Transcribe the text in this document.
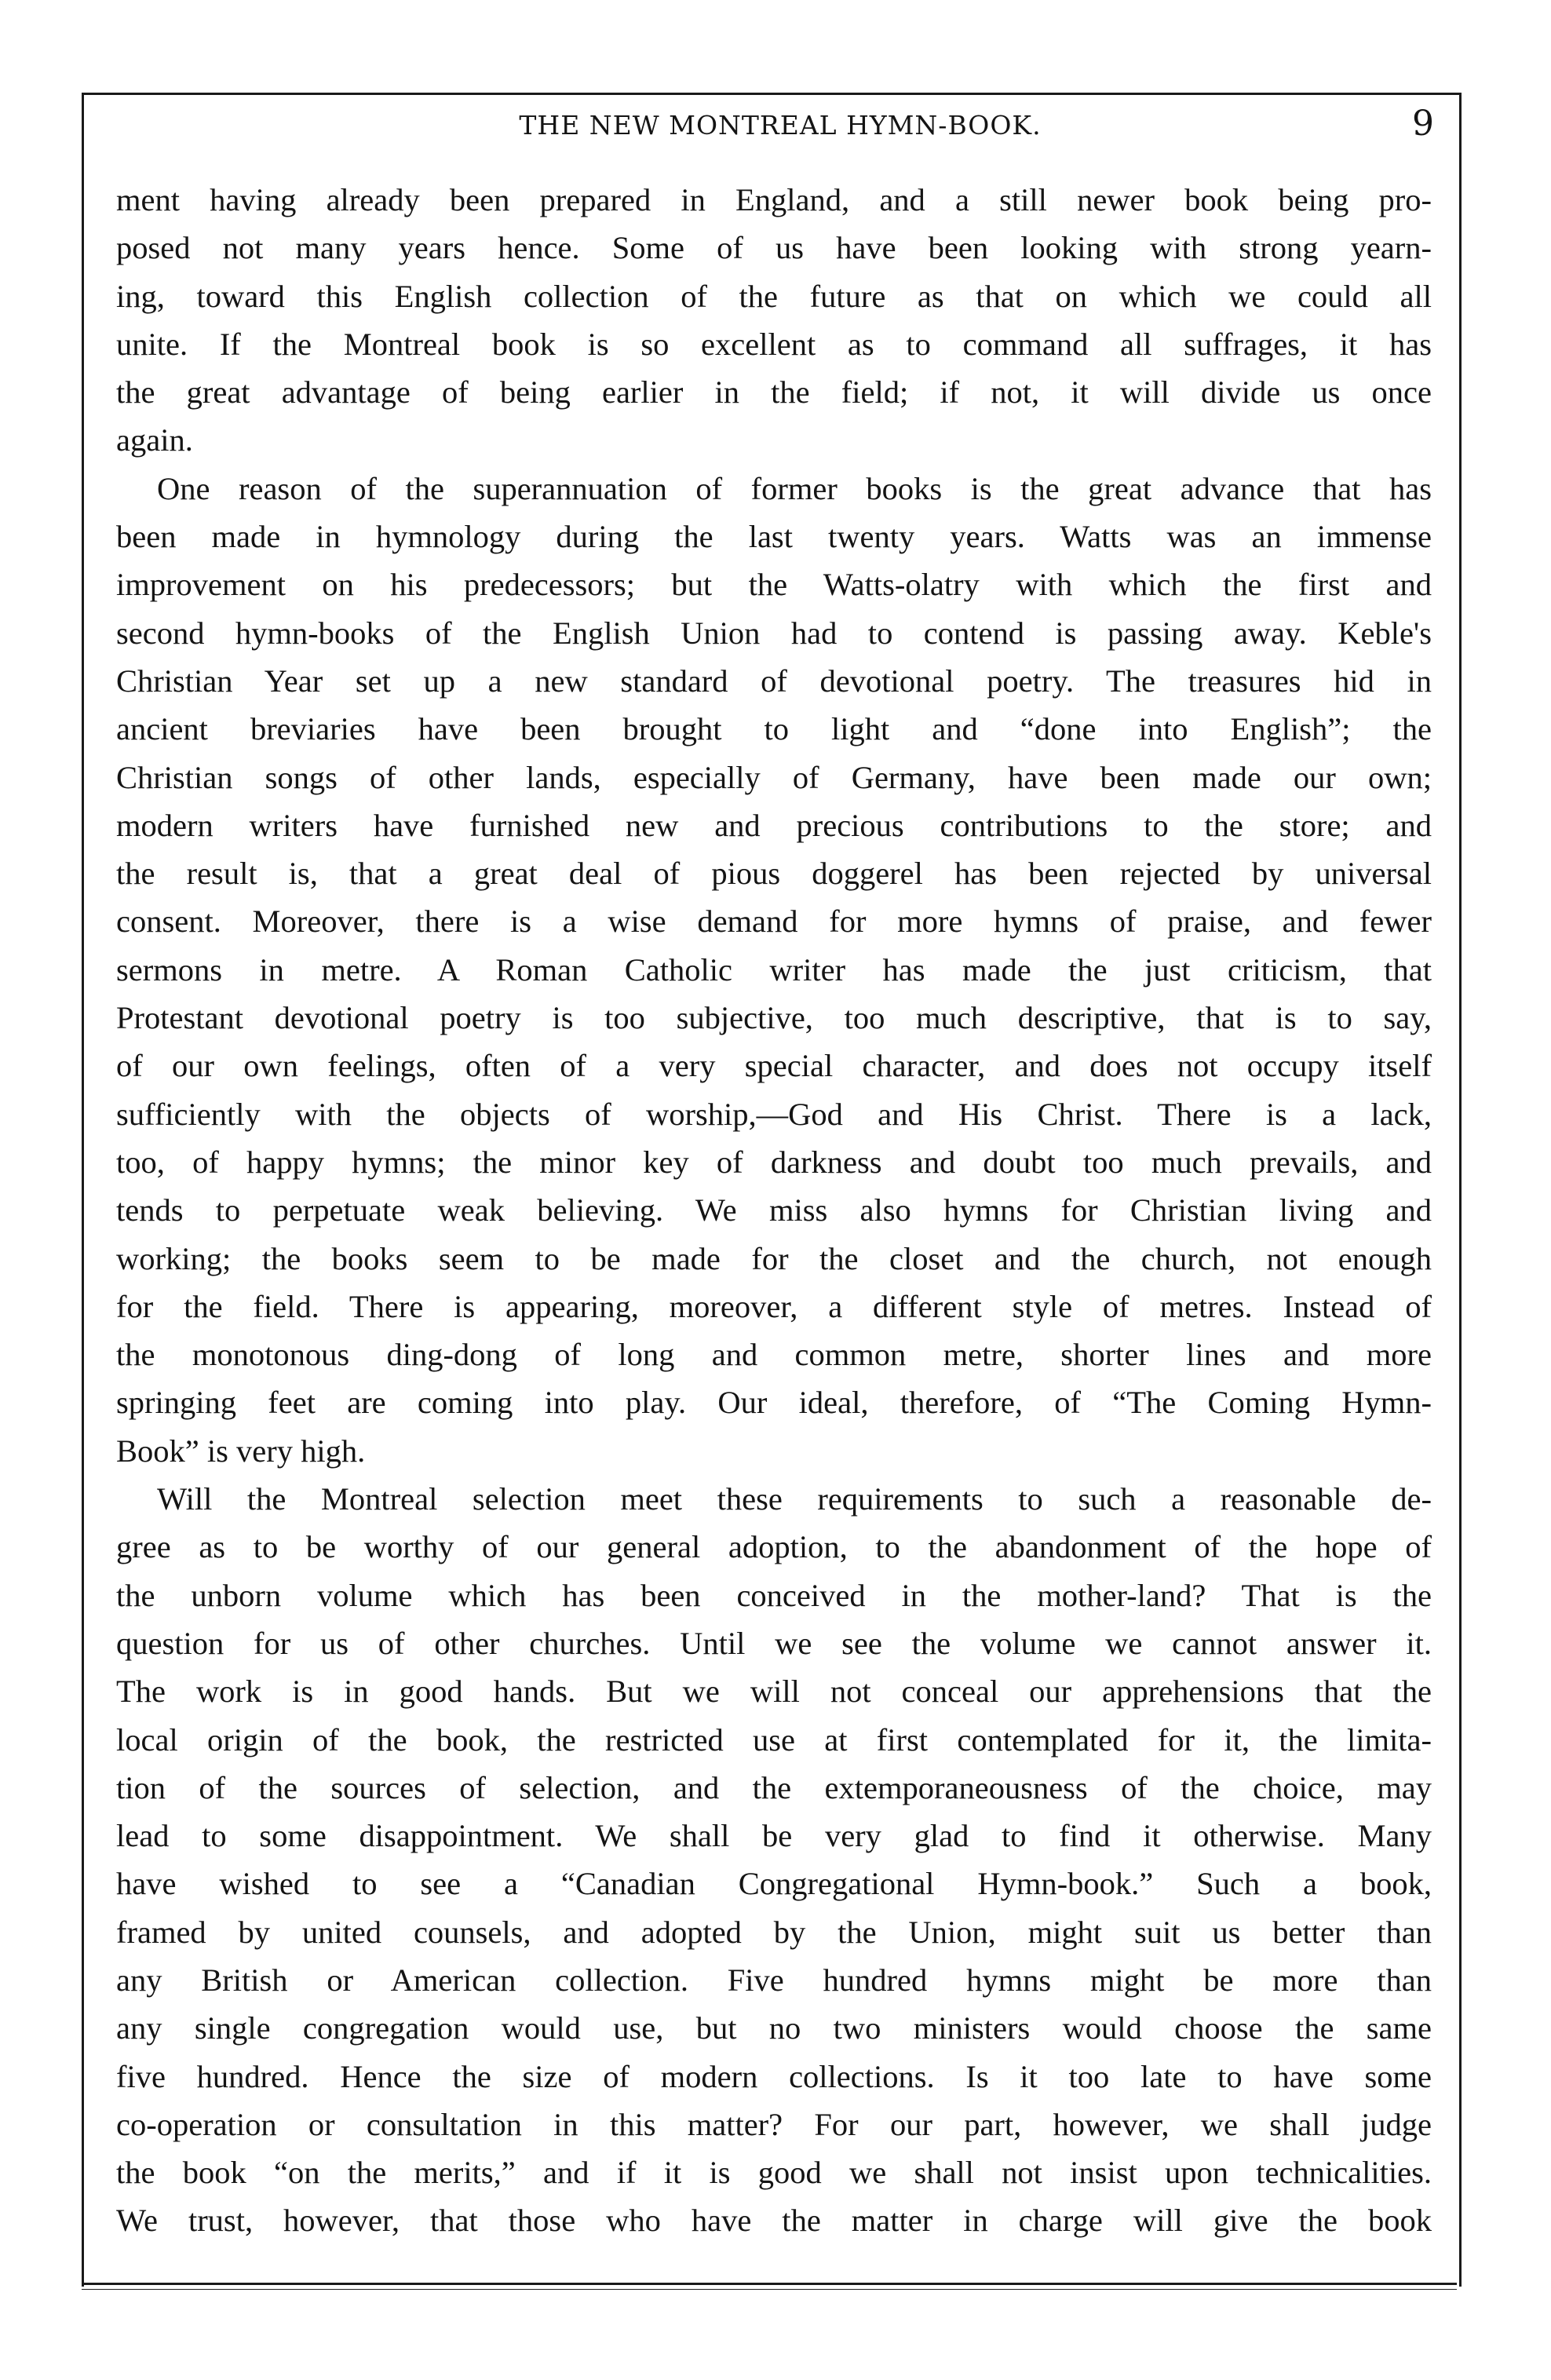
THE NEW MONTREAL HYMN-BOOK.	9
ment having already been prepared in England, and a still newer book being pro-
posed not many years hence. Some of us have been looking with strong yearn-
ing, toward this English collection of the future as that on which we could all
unite. If the Montreal book is so excellent as to command all suffrages, it has
the great advantage of being earlier in the field; if not, it will divide us once
again.
One reason of the superannuation of former books is the great advance that has
been made in hymnology during the last twenty years. Watts was an immense
improvement on his predecessors; but the Watts-olatry with which the first and
second hymn-books of the English Union had to contend is passing away. Keble's
Christian Year set up a new standard of devotional poetry. The treasures hid in
ancient breviaries have been brought to light and “done into English”; the
Christian songs of other lands, especially of Germany, have been made our own;
modern writers have furnished new and precious contributions to the store; and
the result is, that a great deal of pious doggerel has been rejected by universal
consent. Moreover, there is a wise demand for more hymns of praise, and fewer
sermons in metre. A Roman Catholic writer has made the just criticism, that
Protestant devotional poetry is too subjective, too much descriptive, that is to say,
of our own feelings, often of a very special character, and does not occupy itself
sufficiently with the objects of worship,—God and His Christ. There is a lack,
too, of happy hymns; the minor key of darkness and doubt too much prevails, and
tends to perpetuate weak believing. We miss also hymns for Christian living and
working; the books seem to be made for the closet and the church, not enough
for the field. There is appearing, moreover, a different style of metres. Instead of
the monotonous ding-dong of long and common metre, shorter lines and more
springing feet are coming into play. Our ideal, therefore, of “The Coming Hymn-
Book” is very high.
Will the Montreal selection meet these requirements to such a reasonable de-
gree as to be worthy of our general adoption, to the abandonment of the hope of
the unborn volume which has been conceived in the mother-land? That is the
question for us of other churches. Until we see the volume we cannot answer it.
The work is in good hands. But we will not conceal our apprehensions that the
local origin of the book, the restricted use at first contemplated for it, the limita-
tion of the sources of selection, and the extemporaneousness of the choice, may
lead to some disappointment. We shall be very glad to find it otherwise. Many
have wished to see a “Canadian Congregational Hymn-book.” Such a book,
framed by united counsels, and adopted by the Union, might suit us better than
any British or American collection. Five hundred hymns might be more than
any single congregation would use, but no two ministers would choose the same
five hundred. Hence the size of modern collections. Is it too late to have some
co-operation or consultation in this matter? For our part, however, we shall judge
the book “on the merits,” and if it is good we shall not insist upon technicalities.
We trust, however, that those who have the matter in charge will give the book
